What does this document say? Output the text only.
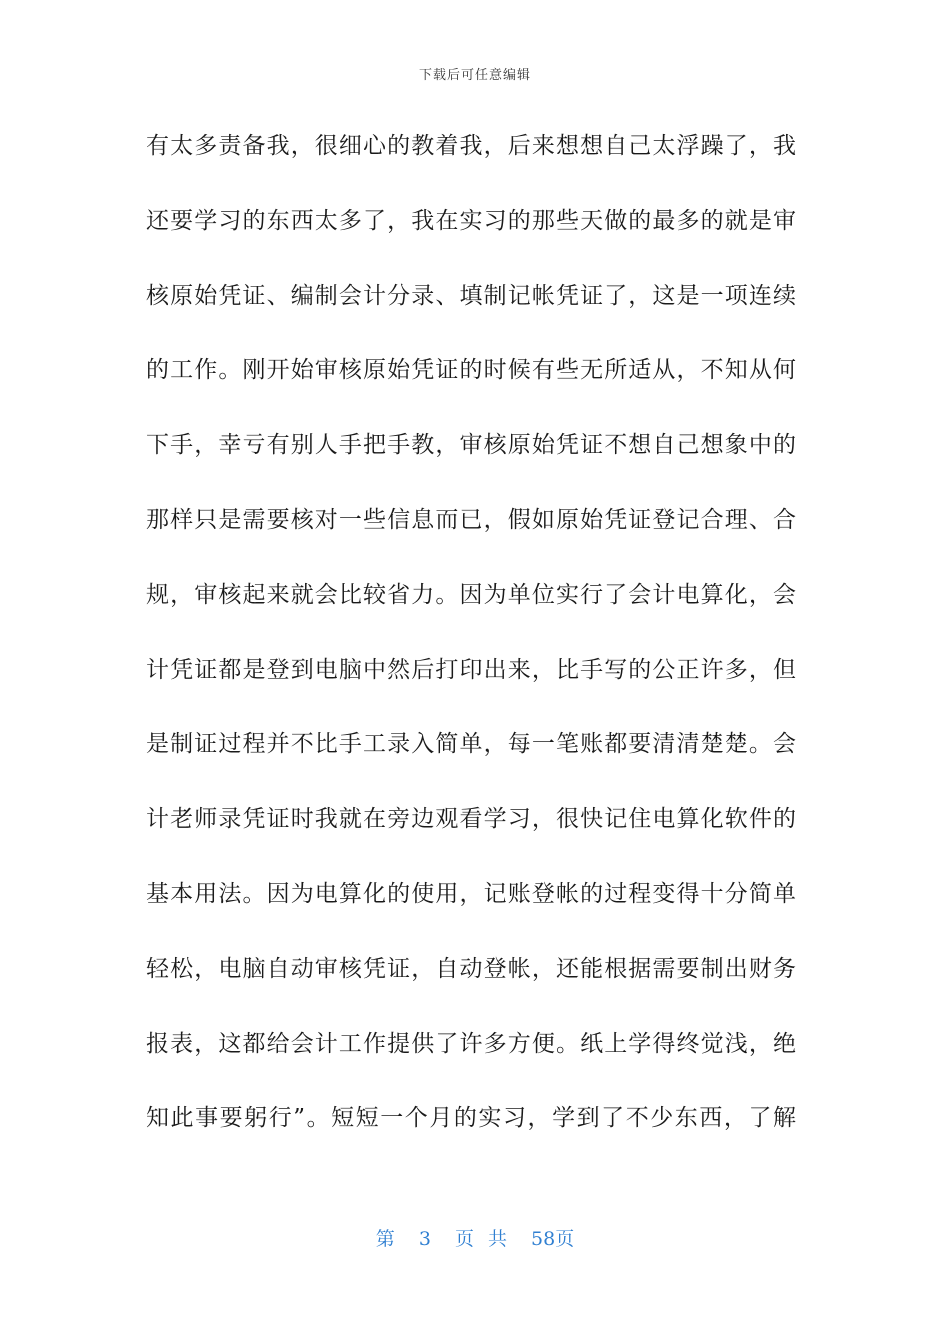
下载后可任意编辑
有太多责备我，很细心的教着我，后来想想自己太浮躁了，我
还要学习的东西太多了，我在实习的那些天做的最多的就是审
核原始凭证、编制会计分录、填制记帐凭证了，这是一项连续
的工作。刚开始审核原始凭证的时候有些无所适从，不知从何
下手，幸亏有别人手把手教，审核原始凭证不想自己想象中的
那样只是需要核对一些信息而已，假如原始凭证登记合理、合
规，审核起来就会比较省力。因为单位实行了会计电算化，会
计凭证都是登到电脑中然后打印出来，比手写的公正许多，但
是制证过程并不比手工录入简单，每一笔账都要清清楚楚。会
计老师录凭证时我就在旁边观看学习，很快记住电算化软件的
基本用法。因为电算化的使用，记账登帐的过程变得十分简单
轻松，电脑自动审核凭证，自动登帐，还能根据需要制出财务
报表，这都给会计工作提供了许多方便。纸上学得终觉浅，绝
知此事要躬行”。短短一个月的实习，学到了不少东西，了解
第 3 页 共 58页
